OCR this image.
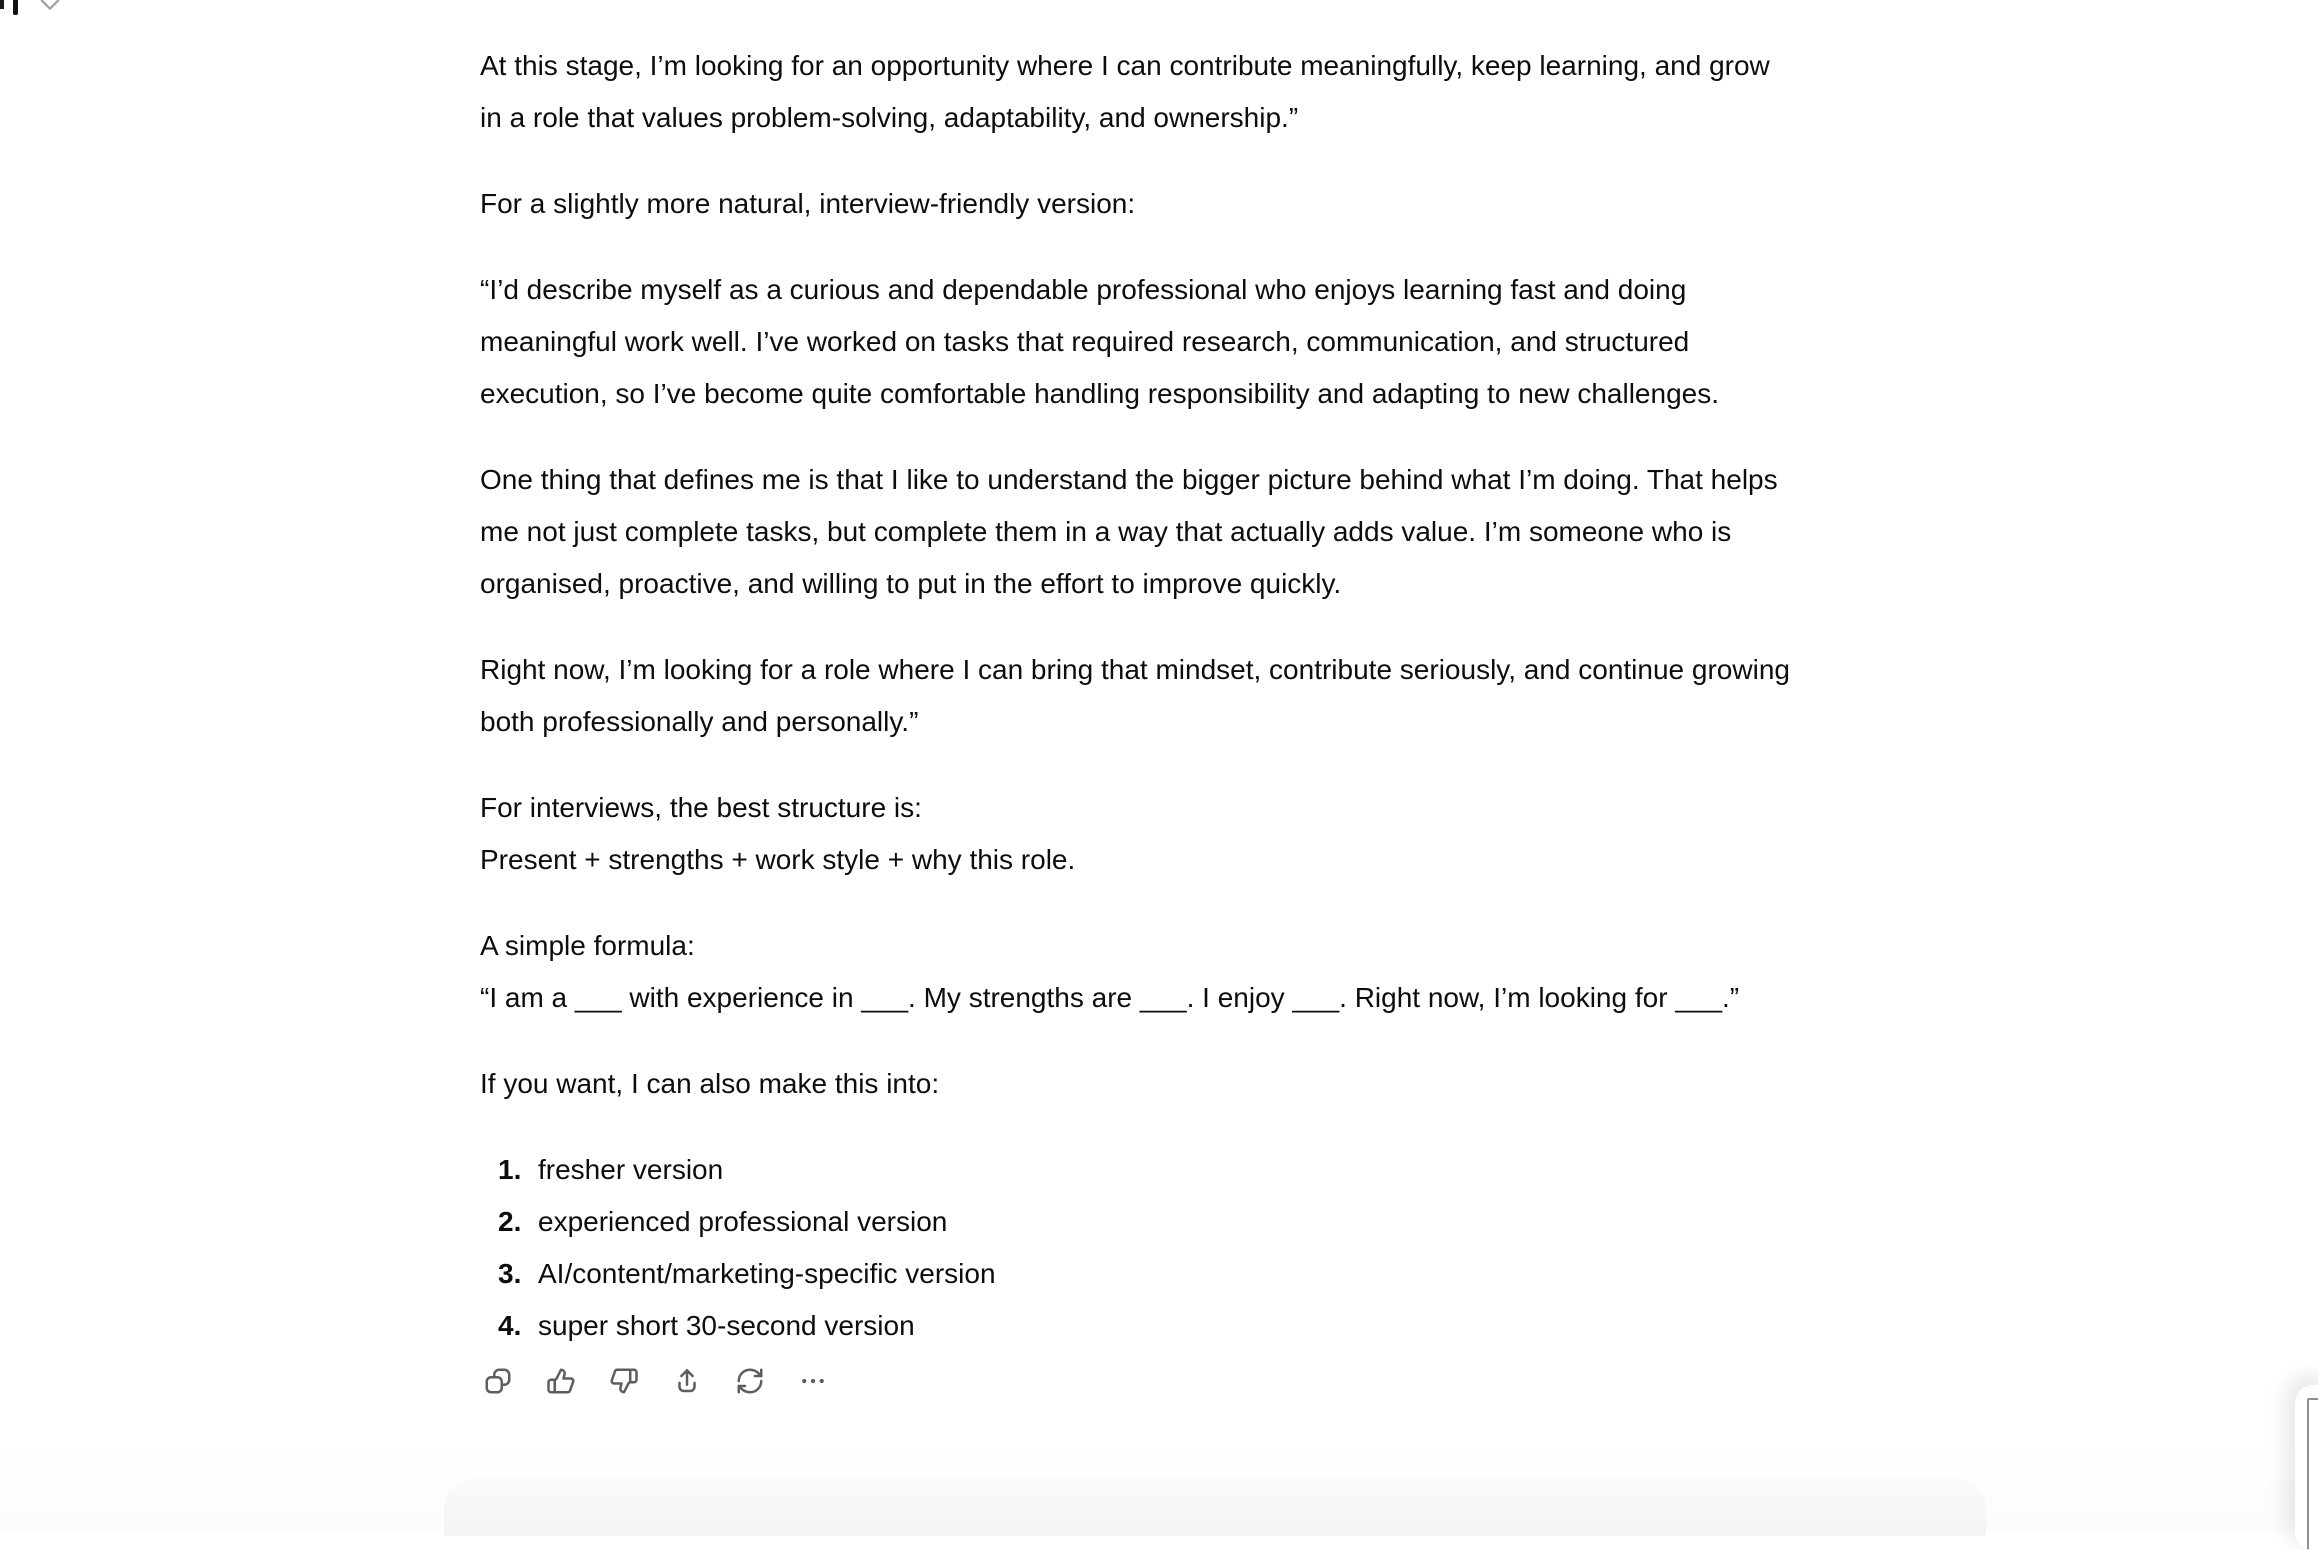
At this stage, I’m looking for an opportunity where I can contribute meaningfully, keep learning, and grow
in a role that values problem-solving, adaptability, and ownership.”

For a slightly more natural, interview-friendly version:

“I’d describe myself as a curious and dependable professional who enjoys learning fast and doing
meaningful work well. I’ve worked on tasks that required research, communication, and structured
execution, so I’ve become quite comfortable handling responsibility and adapting to new challenges.

One thing that defines me is that I like to understand the bigger picture behind what I’m doing. That helps
me not just complete tasks, but complete them in a way that actually adds value. I’m someone who is
organised, proactive, and willing to put in the effort to improve quickly.

Right now, I’m looking for a role where I can bring that mindset, contribute seriously, and continue growing
both professionally and personally.”

For interviews, the best structure is:
Present + strengths + work style + why this role.

A simple formula:
“I am a ___ with experience in ___. My strengths are ___. I enjoy ___. Right now, I’m looking for ___.”

If you want, I can also make this into:

1. fresher version
2. experienced professional version
3. AI/content/marketing-specific version
4. super short 30-second version
